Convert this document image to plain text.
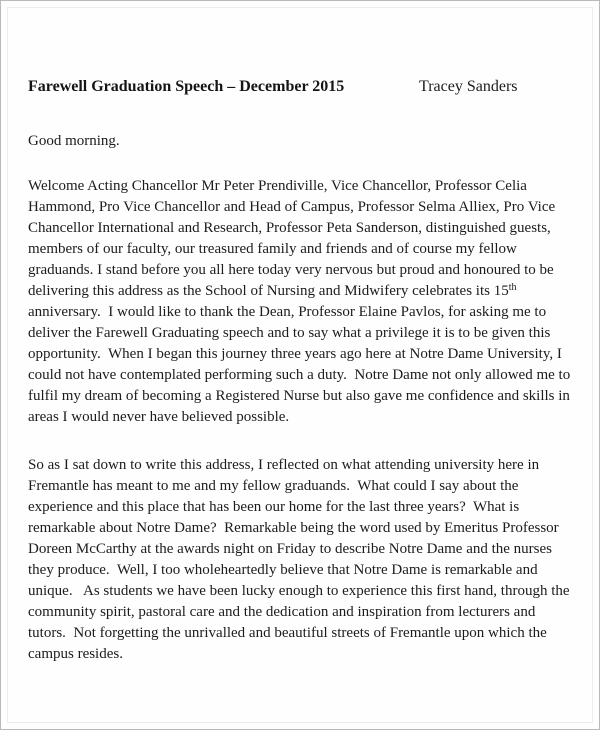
Farewell Graduation Speech – December 2015	Tracey Sanders

Good morning.

Welcome Acting Chancellor Mr Peter Prendiville, Vice Chancellor, Professor Celia Hammond, Pro Vice Chancellor and Head of Campus, Professor Selma Alliex, Pro Vice Chancellor International and Research, Professor Peta Sanderson, distinguished guests, members of our faculty, our treasured family and friends and of course my fellow graduands. I stand before you all here today very nervous but proud and honoured to be delivering this address as the School of Nursing and Midwifery celebrates its 15th anniversary.  I would like to thank the Dean, Professor Elaine Pavlos, for asking me to deliver the Farewell Graduating speech and to say what a privilege it is to be given this opportunity.  When I began this journey three years ago here at Notre Dame University, I could not have contemplated performing such a duty.  Notre Dame not only allowed me to fulfil my dream of becoming a Registered Nurse but also gave me confidence and skills in areas I would never have believed possible.

So as I sat down to write this address, I reflected on what attending university here in Fremantle has meant to me and my fellow graduands.  What could I say about the experience and this place that has been our home for the last three years?  What is remarkable about Notre Dame?  Remarkable being the word used by Emeritus Professor Doreen McCarthy at the awards night on Friday to describe Notre Dame and the nurses they produce.  Well, I too wholeheartedly believe that Notre Dame is remarkable and unique.   As students we have been lucky enough to experience this first hand, through the community spirit, pastoral care and the dedication and inspiration from lecturers and tutors.  Not forgetting the unrivalled and beautiful streets of Fremantle upon which the campus resides.
